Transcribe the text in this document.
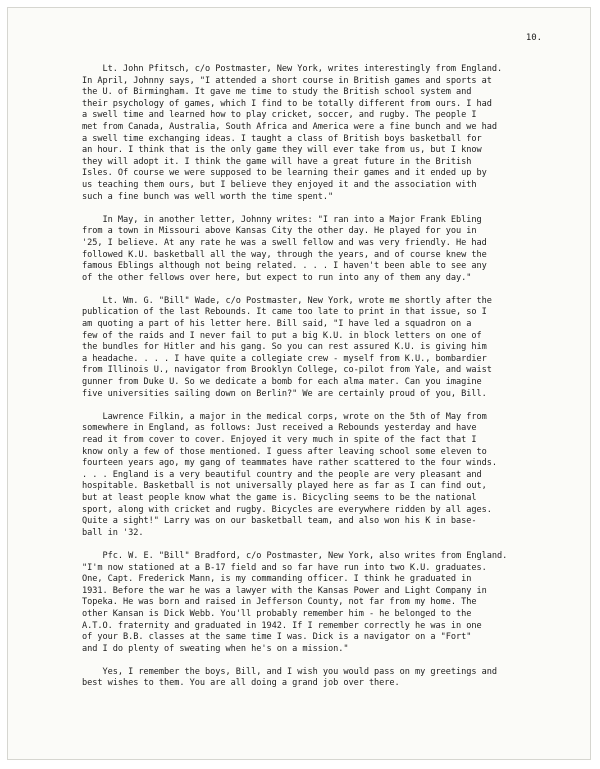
10.
Lt. John Pfitsch, c/o Postmaster, New York, writes interestingly from England.
In April, Johnny says, "I attended a short course in British games and sports at
the U. of Birmingham. It gave me time to study the British school system and
their psychology of games, which I find to be totally different from ours. I had
a swell time and learned how to play cricket, soccer, and rugby. The people I
met from Canada, Australia, South Africa and America were a fine bunch and we had
a swell time exchanging ideas. I taught a class of British boys basketball for
an hour. I think that is the only game they will ever take from us, but I know
they will adopt it. I think the game will have a great future in the British
Isles. Of course we were supposed to be learning their games and it ended up by
us teaching them ours, but I believe they enjoyed it and the association with
such a fine bunch was well worth the time spent."
In May, in another letter, Johnny writes: "I ran into a Major Frank Ebling
from a town in Missouri above Kansas City the other day. He played for you in
'25, I believe. At any rate he was a swell fellow and was very friendly. He had
followed K.U. basketball all the way, through the years, and of course knew the
famous Eblings although not being related. . . . I haven't been able to see any
of the other fellows over here, but expect to run into any of them any day."
Lt. Wm. G. "Bill" Wade, c/o Postmaster, New York, wrote me shortly after the
publication of the last Rebounds. It came too late to print in that issue, so I
am quoting a part of his letter here. Bill said, "I have led a squadron on a
few of the raids and I never fail to put a big K.U. in block letters on one of
the bundles for Hitler and his gang. So you can rest assured K.U. is giving him
a headache. . . . I have quite a collegiate crew - myself from K.U., bombardier
from Illinois U., navigator from Brooklyn College, co-pilot from Yale, and waist
gunner from Duke U. So we dedicate a bomb for each alma mater. Can you imagine
five universities sailing down on Berlin?" We are certainly proud of you, Bill.
Lawrence Filkin, a major in the medical corps, wrote on the 5th of May from
somewhere in England, as follows: Just received a Rebounds yesterday and have
read it from cover to cover. Enjoyed it very much in spite of the fact that I
know only a few of those mentioned. I guess after leaving school some eleven to
fourteen years ago, my gang of teammates have rather scattered to the four winds.
. . . England is a very beautiful country and the people are very pleasant and
hospitable. Basketball is not universally played here as far as I can find out,
but at least people know what the game is. Bicycling seems to be the national
sport, along with cricket and rugby. Bicycles are everywhere ridden by all ages.
Quite a sight!" Larry was on our basketball team, and also won his K in base-
ball in '32.
Pfc. W. E. "Bill" Bradford, c/o Postmaster, New York, also writes from England.
"I'm now stationed at a B-17 field and so far have run into two K.U. graduates.
One, Capt. Frederick Mann, is my commanding officer. I think he graduated in
1931. Before the war he was a lawyer with the Kansas Power and Light Company in
Topeka. He was born and raised in Jefferson County, not far from my home. The
other Kansan is Dick Webb. You'll probably remember him - he belonged to the
A.T.O. fraternity and graduated in 1942. If I remember correctly he was in one
of your B.B. classes at the same time I was. Dick is a navigator on a "Fort"
and I do plenty of sweating when he's on a mission."
Yes, I remember the boys, Bill, and I wish you would pass on my greetings and
best wishes to them. You are all doing a grand job over there.
